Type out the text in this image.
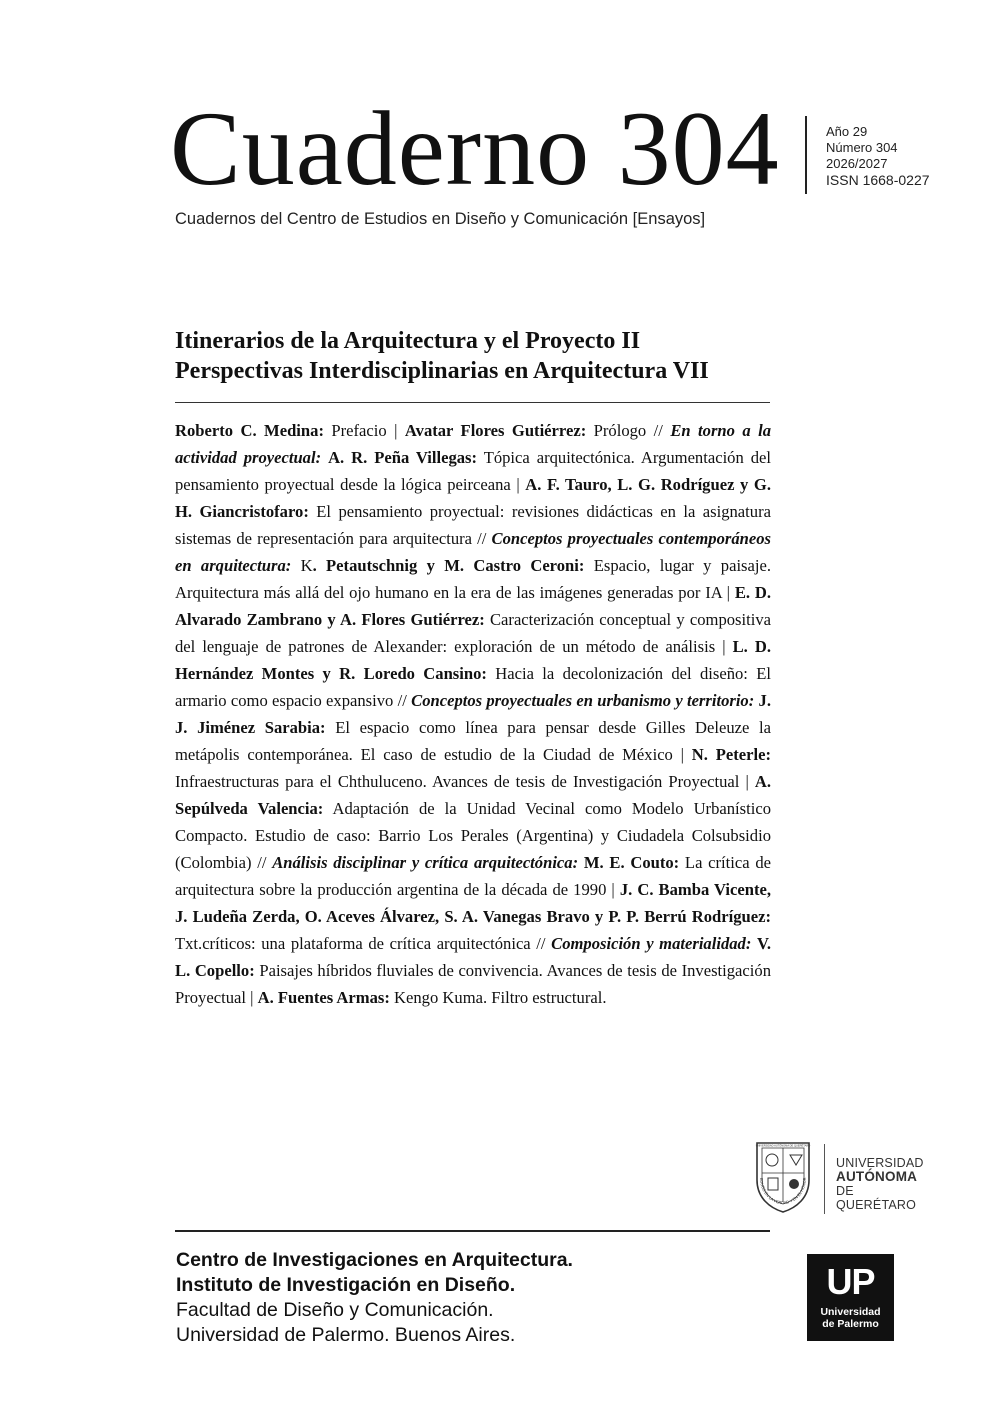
Cuaderno 304
Cuadernos del Centro de Estudios en Diseño y Comunicación [Ensayos]
Año 29
Número 304
2026/2027
ISSN 1668-0227
Itinerarios de la Arquitectura y el Proyecto II
Perspectivas Interdisciplinarias en Arquitectura VII
Roberto C. Medina: Prefacio | Avatar Flores Gutiérrez: Prólogo // En torno a la actividad proyectual: A. R. Peña Villegas: Tópica arquitectónica. Argumentación del pensamiento proyectual desde la lógica peirceana | A. F. Tauro, L. G. Rodríguez y G. H. Giancristofaro: El pensamiento proyectual: revisiones didácticas en la asignatura sistemas de representación para arquitectura // Conceptos proyectuales contemporáneos en arquitectura: K. Petautschnig y M. Castro Ceroni: Espacio, lugar y paisaje. Arquitectura más allá del ojo humano en la era de las imágenes generadas por IA | E. D. Alvarado Zambrano y A. Flores Gutiérrez: Caracterización conceptual y compositiva del lenguaje de patrones de Alexander: exploración de un método de análisis | L. D. Hernández Montes y R. Loredo Cansino: Hacia la decolonización del diseño: El armario como espacio expansivo // Conceptos proyectuales en urbanismo y territorio: J. J. Jiménez Sarabia: El espacio como línea para pensar desde Gilles Deleuze la metápolis contemporánea. El caso de estudio de la Ciudad de México | N. Peterle: Infraestructuras para el Chthuluceno. Avances de tesis de Investigación Proyectual | A. Sepúlveda Valencia: Adaptación de la Unidad Vecinal como Modelo Urbanístico Compacto. Estudio de caso: Barrio Los Perales (Argentina) y Ciudadela Colsubsidio (Colombia) // Análisis disciplinar y crítica arquitectónica: M. E. Couto: La crítica de arquitectura sobre la producción argentina de la década de 1990 | J. C. Bamba Vicente, J. Ludeña Zerda, O. Aceves Álvarez, S. A. Vanegas Bravo y P. P. Berrú Rodríguez: Txt.críticos: una plataforma de crítica arquitectónica // Composición y materialidad: V. L. Copello: Paisajes híbridos fluviales de convivencia. Avances de tesis de Investigación Proyectual | A. Fuentes Armas: Kengo Kuma. Filtro estructural.
EDUCO EN LA VERDAD Y EN EL HONOR
UNIVERSIDAD AUTÓNOMA DE QUERÉTARO
UNIVERSIDAD
AUTÓNOMA
DE QUERÉTARO
Centro de Investigaciones en Arquitectura.
Instituto de Investigación en Diseño.
Facultad de Diseño y Comunicación.
Universidad de Palermo. Buenos Aires.
UP
Universidad
de Palermo
